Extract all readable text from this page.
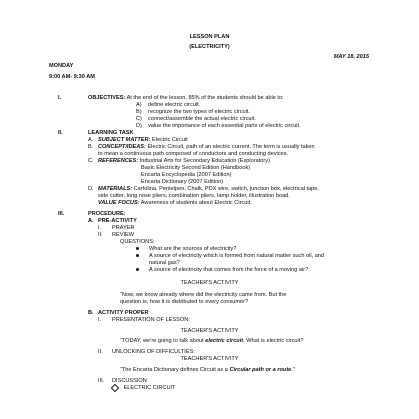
LESSON PLAN
(ELECTRICITY)
MAY 18, 2015
MONDAY
9:00 AM- 9:30 AM
I.	OBJECTIVES: At the end of the lesson, 85% of the students should be able to:
A) define electric circuit.
B) recognize the two types of electric circuit.
C) connect/assemble the actual electric circuit.
D) value the importance of each essential parts of electric circuit.
II.	LEARNING TASK
A. SUBJECT MATTER: Electric Circuit
B. CONCEPT/IDEAS: Electric Circuit, path of an electric current. The term is usually taken
to mean a continuous path composed of conductors and conducting devices.
C. REFERENCES: Industrial Arts for Secondary Education (Exploratory)
Basic Electricity Second Edition (Handbook)
Encarta Encyclopedia (2007 Edition)
Encarta Dictionary (2007 Edition)
D. MATERIALS: Cartolina, Pentelpen, Chalk, PDX wire, switch, junction box, electrical tape,
side cutter, long nose pliers, combination pliers, lamp holder, illustration boad.
VALUE FOCUS: Awareness of students about Electric Circuit.
III.	PROCEDURE:
A. PRE-ACTIVITY
I. PRAYER
II. REVIEW
QUESTIONS:
What are the sources of electricity?
A source of electricity which is formed from natural matter such oil, and
natural gas?
A source of electricity that comes from the force of a moving air?
TEACHER'S ACTIVITY
“Now, we know already where did the electricity came from. But the
question is, how it is distributed to every consumer?
B. ACTIVITY PROPER
I. PRESENTATION OF LESSON:
TEACHER'S ACTIVITY
“TODAY, we’re going to talk about electric circuit. What is electric circuit?
II. UNLOCKING OF DIFFICULTIES:
TEACHER'S ACTIVITY
“The Encarta Dictionary defines Circuit as a Circular path or a route.”
III. DISCUSSION
ELECTRIC CIRCUIT
